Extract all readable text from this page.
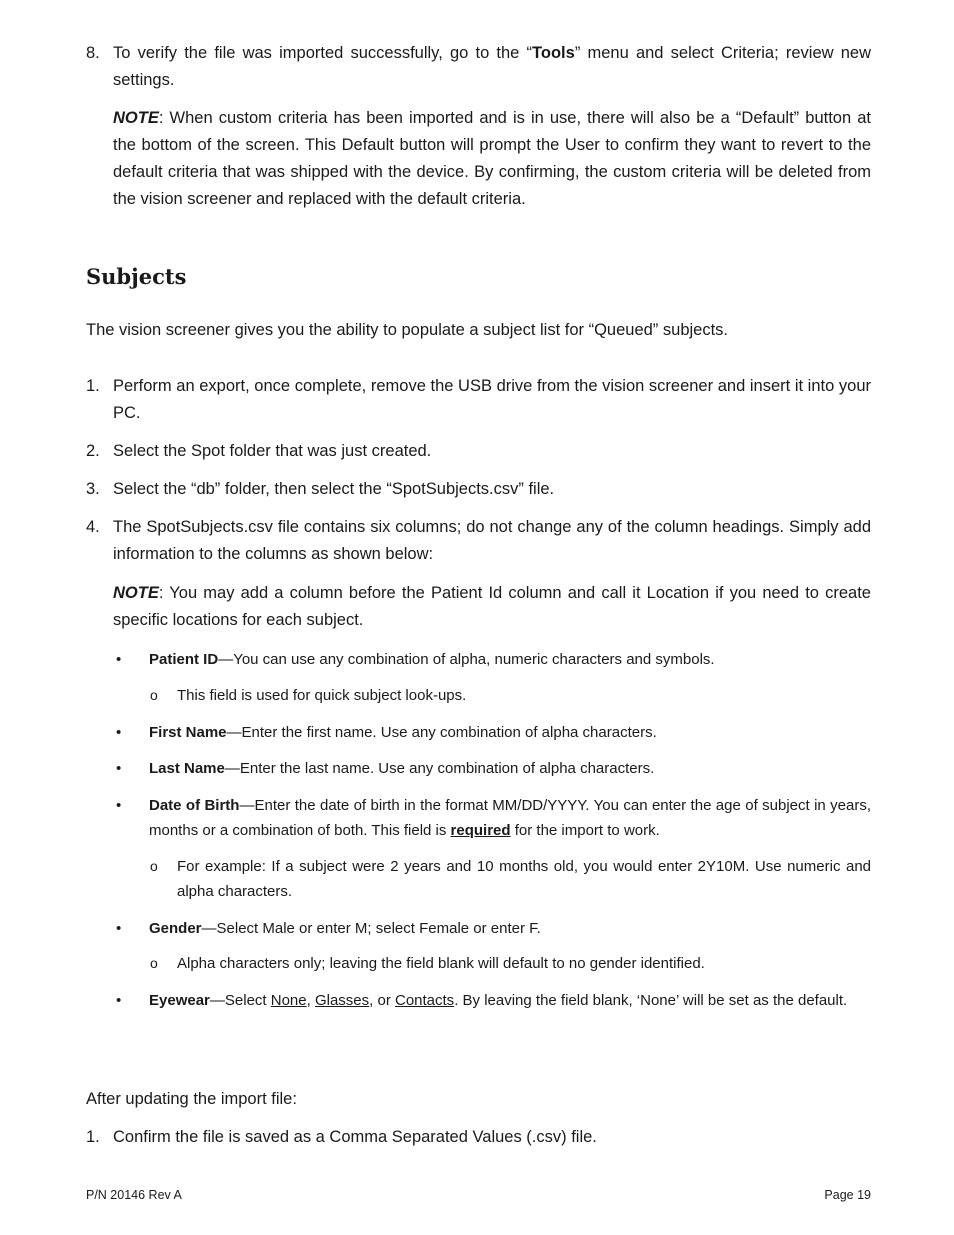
8. To verify the file was imported successfully, go to the “Tools” menu and select Criteria; review new settings.
NOTE: When custom criteria has been imported and is in use, there will also be a “Default” button at the bottom of the screen. This Default button will prompt the User to confirm they want to revert to the default criteria that was shipped with the device. By confirming, the custom criteria will be deleted from the vision screener and replaced with the default criteria.
Subjects
The vision screener gives you the ability to populate a subject list for “Queued” subjects.
1. Perform an export, once complete, remove the USB drive from the vision screener and insert it into your PC.
2. Select the Spot folder that was just created.
3. Select the “db” folder, then select the “SpotSubjects.csv” file.
4. The SpotSubjects.csv file contains six columns; do not change any of the column headings. Simply add information to the columns as shown below:
NOTE: You may add a column before the Patient Id column and call it Location if you need to create specific locations for each subject.
• Patient ID—You can use any combination of alpha, numeric characters and symbols.
o This field is used for quick subject look-ups.
• First Name—Enter the first name. Use any combination of alpha characters.
• Last Name—Enter the last name. Use any combination of alpha characters.
• Date of Birth—Enter the date of birth in the format MM/DD/YYYY. You can enter the age of subject in years, months or a combination of both. This field is required for the import to work.
o For example: If a subject were 2 years and 10 months old, you would enter 2Y10M. Use numeric and alpha characters.
• Gender—Select Male or enter M; select Female or enter F.
o Alpha characters only; leaving the field blank will default to no gender identified.
• Eyewear—Select None, Glasses, or Contacts. By leaving the field blank, ‘None’ will be set as the default.
After updating the import file:
1. Confirm the file is saved as a Comma Separated Values (.csv) file.
P/N 20146 Rev A	Page 19
